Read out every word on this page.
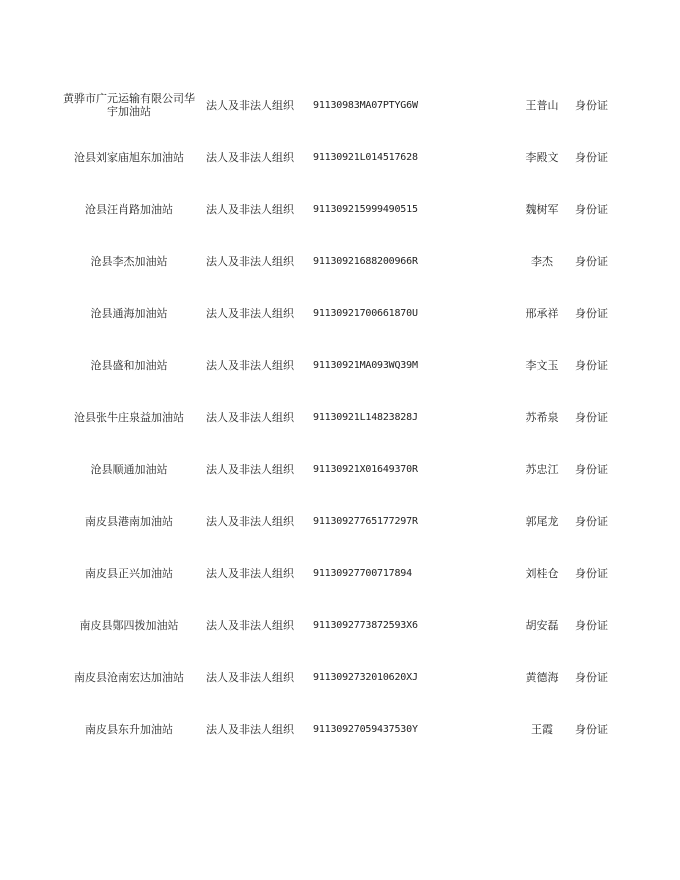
黄骅市广元运输有限公司华宇加油站	法人及非法人组织 91130983MA07PTYG6W	王普山 身份证
沧县刘家庙旭东加油站 法人及非法人组织 91130921L014517628	李殿文 身份证
沧县汪肖路加油站	法人及非法人组织 911309215999490515	魏树军 身份证
沧县李杰加油站	法人及非法人组织 91130921688200966R	李杰 身份证
沧县通海加油站	法人及非法人组织 91130921700661870U	邢承祥 身份证
沧县盛和加油站	法人及非法人组织 91130921MA093WQ39M	李文玉 身份证
沧县张牛庄泉益加油站 法人及非法人组织 91130921L14823828J	苏希泉 身份证
沧县顺通加油站	法人及非法人组织 91130921X01649370R	苏忠江 身份证
南皮县港南加油站	法人及非法人组织 91130927765177297R	郭尾龙 身份证
南皮县正兴加油站	法人及非法人组织 91130927700717894	刘桂仓 身份证
南皮县鄚四拨加油站	法人及非法人组织 9113092773872593X6	胡安磊 身份证
南皮县沧南宏达加油站 法人及非法人组织 9113092732010620XJ	黄德海 身份证
南皮县东升加油站	法人及非法人组织 91130927059437530Y	王霞 身份证
